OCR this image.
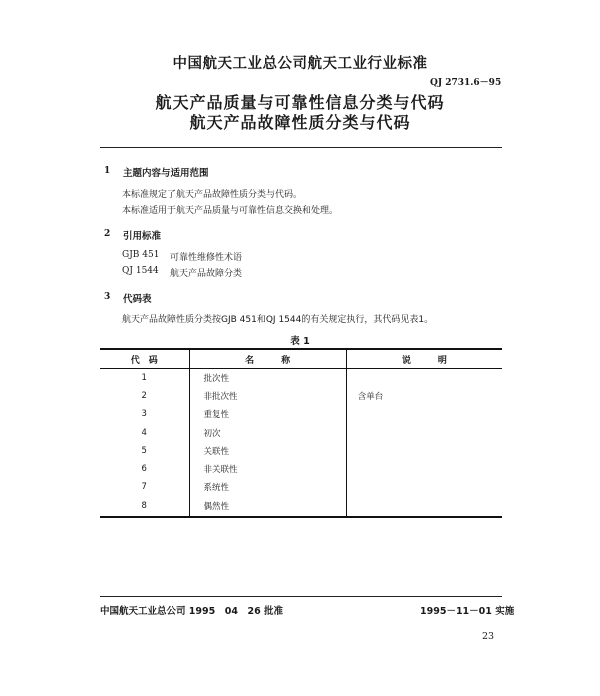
中国航天工业总公司航天工业行业标准
QJ 2731.6－95
航天产品质量与可靠性信息分类与代码
航天产品故障性质分类与代码
1 主题内容与适用范围
本标准规定了航天产品故障性质分类与代码。
本标准适用于航天产品质量与可靠性信息交换和处理。
2 引用标准
GJB 451 可靠性维修性术语
QJ 1544 航天产品故障分类
3 代码表
航天产品故障性质分类按GJB 451和QJ 1544的有关规定执行，其代码见表1。
表 1
代　码	名　　　称	说　　　明
1	批次性	
2	非批次性	含单台
3	重复性	
4	初次	
5	关联性	
6	非关联性	
7	系统性	
8	偶然性	
中国航天工业总公司 1995　04　26 批准	1995－11－01 实施
23
